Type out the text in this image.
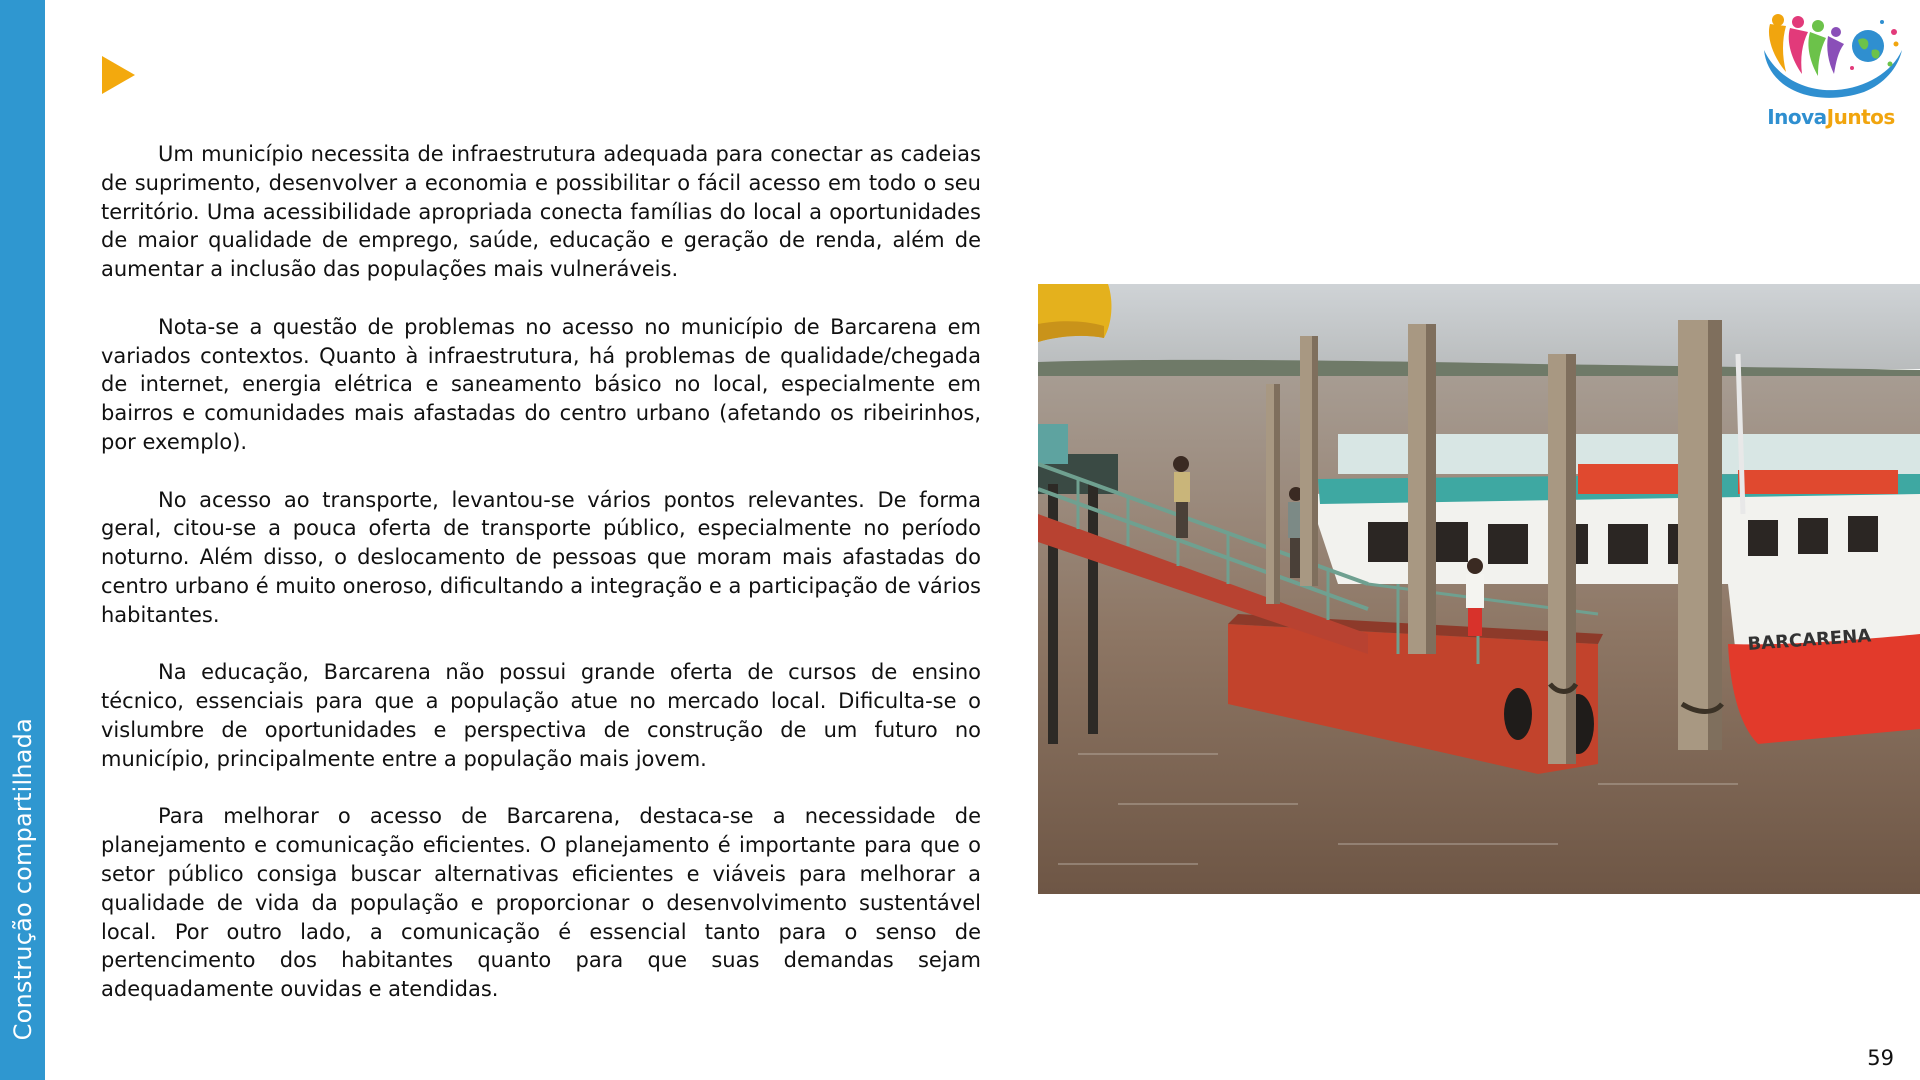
Construção compartilhada
InovaJuntos

Um município necessita de infraestrutura adequada para conectar as cadeias de suprimento, desenvolver a economia e possibilitar o fácil acesso em todo o seu território. Uma acessibilidade apropriada conecta famílias do local a oportunidades de maior qualidade de emprego, saúde, educação e geração de renda, além de aumentar a inclusão das populações mais vulneráveis.

Nota-se a questão de problemas no acesso no município de Barcarena em variados contextos. Quanto à infraestrutura, há problemas de qualidade/chegada de internet, energia elétrica e saneamento básico no local, especialmente em bairros e comunidades mais afastadas do centro urbano (afetando os ribeirinhos, por exemplo).

No acesso ao transporte, levantou-se vários pontos relevantes. De forma geral, citou-se a pouca oferta de transporte público, especialmente no período noturno. Além disso, o deslocamento de pessoas que moram mais afastadas do centro urbano é muito oneroso, dificultando a integração e a participação de vários habitantes.

Na educação, Barcarena não possui grande oferta de cursos de ensino técnico, essenciais para que a população atue no mercado local. Dificulta-se o vislumbre de oportunidades e perspectiva de construção de um futuro no município, principalmente entre a população mais jovem.

Para melhorar o acesso de Barcarena, destaca-se a necessidade de planejamento e comunicação eficientes. O planejamento é importante para que o setor público consiga buscar alternativas eficientes e viáveis para melhorar a qualidade de vida da população e proporcionar o desenvolvimento sustentável local. Por outro lado, a comunicação é essencial tanto para o senso de pertencimento dos habitantes quanto para que suas demandas sejam adequadamente ouvidas e atendidas.

BARCARENA
59
